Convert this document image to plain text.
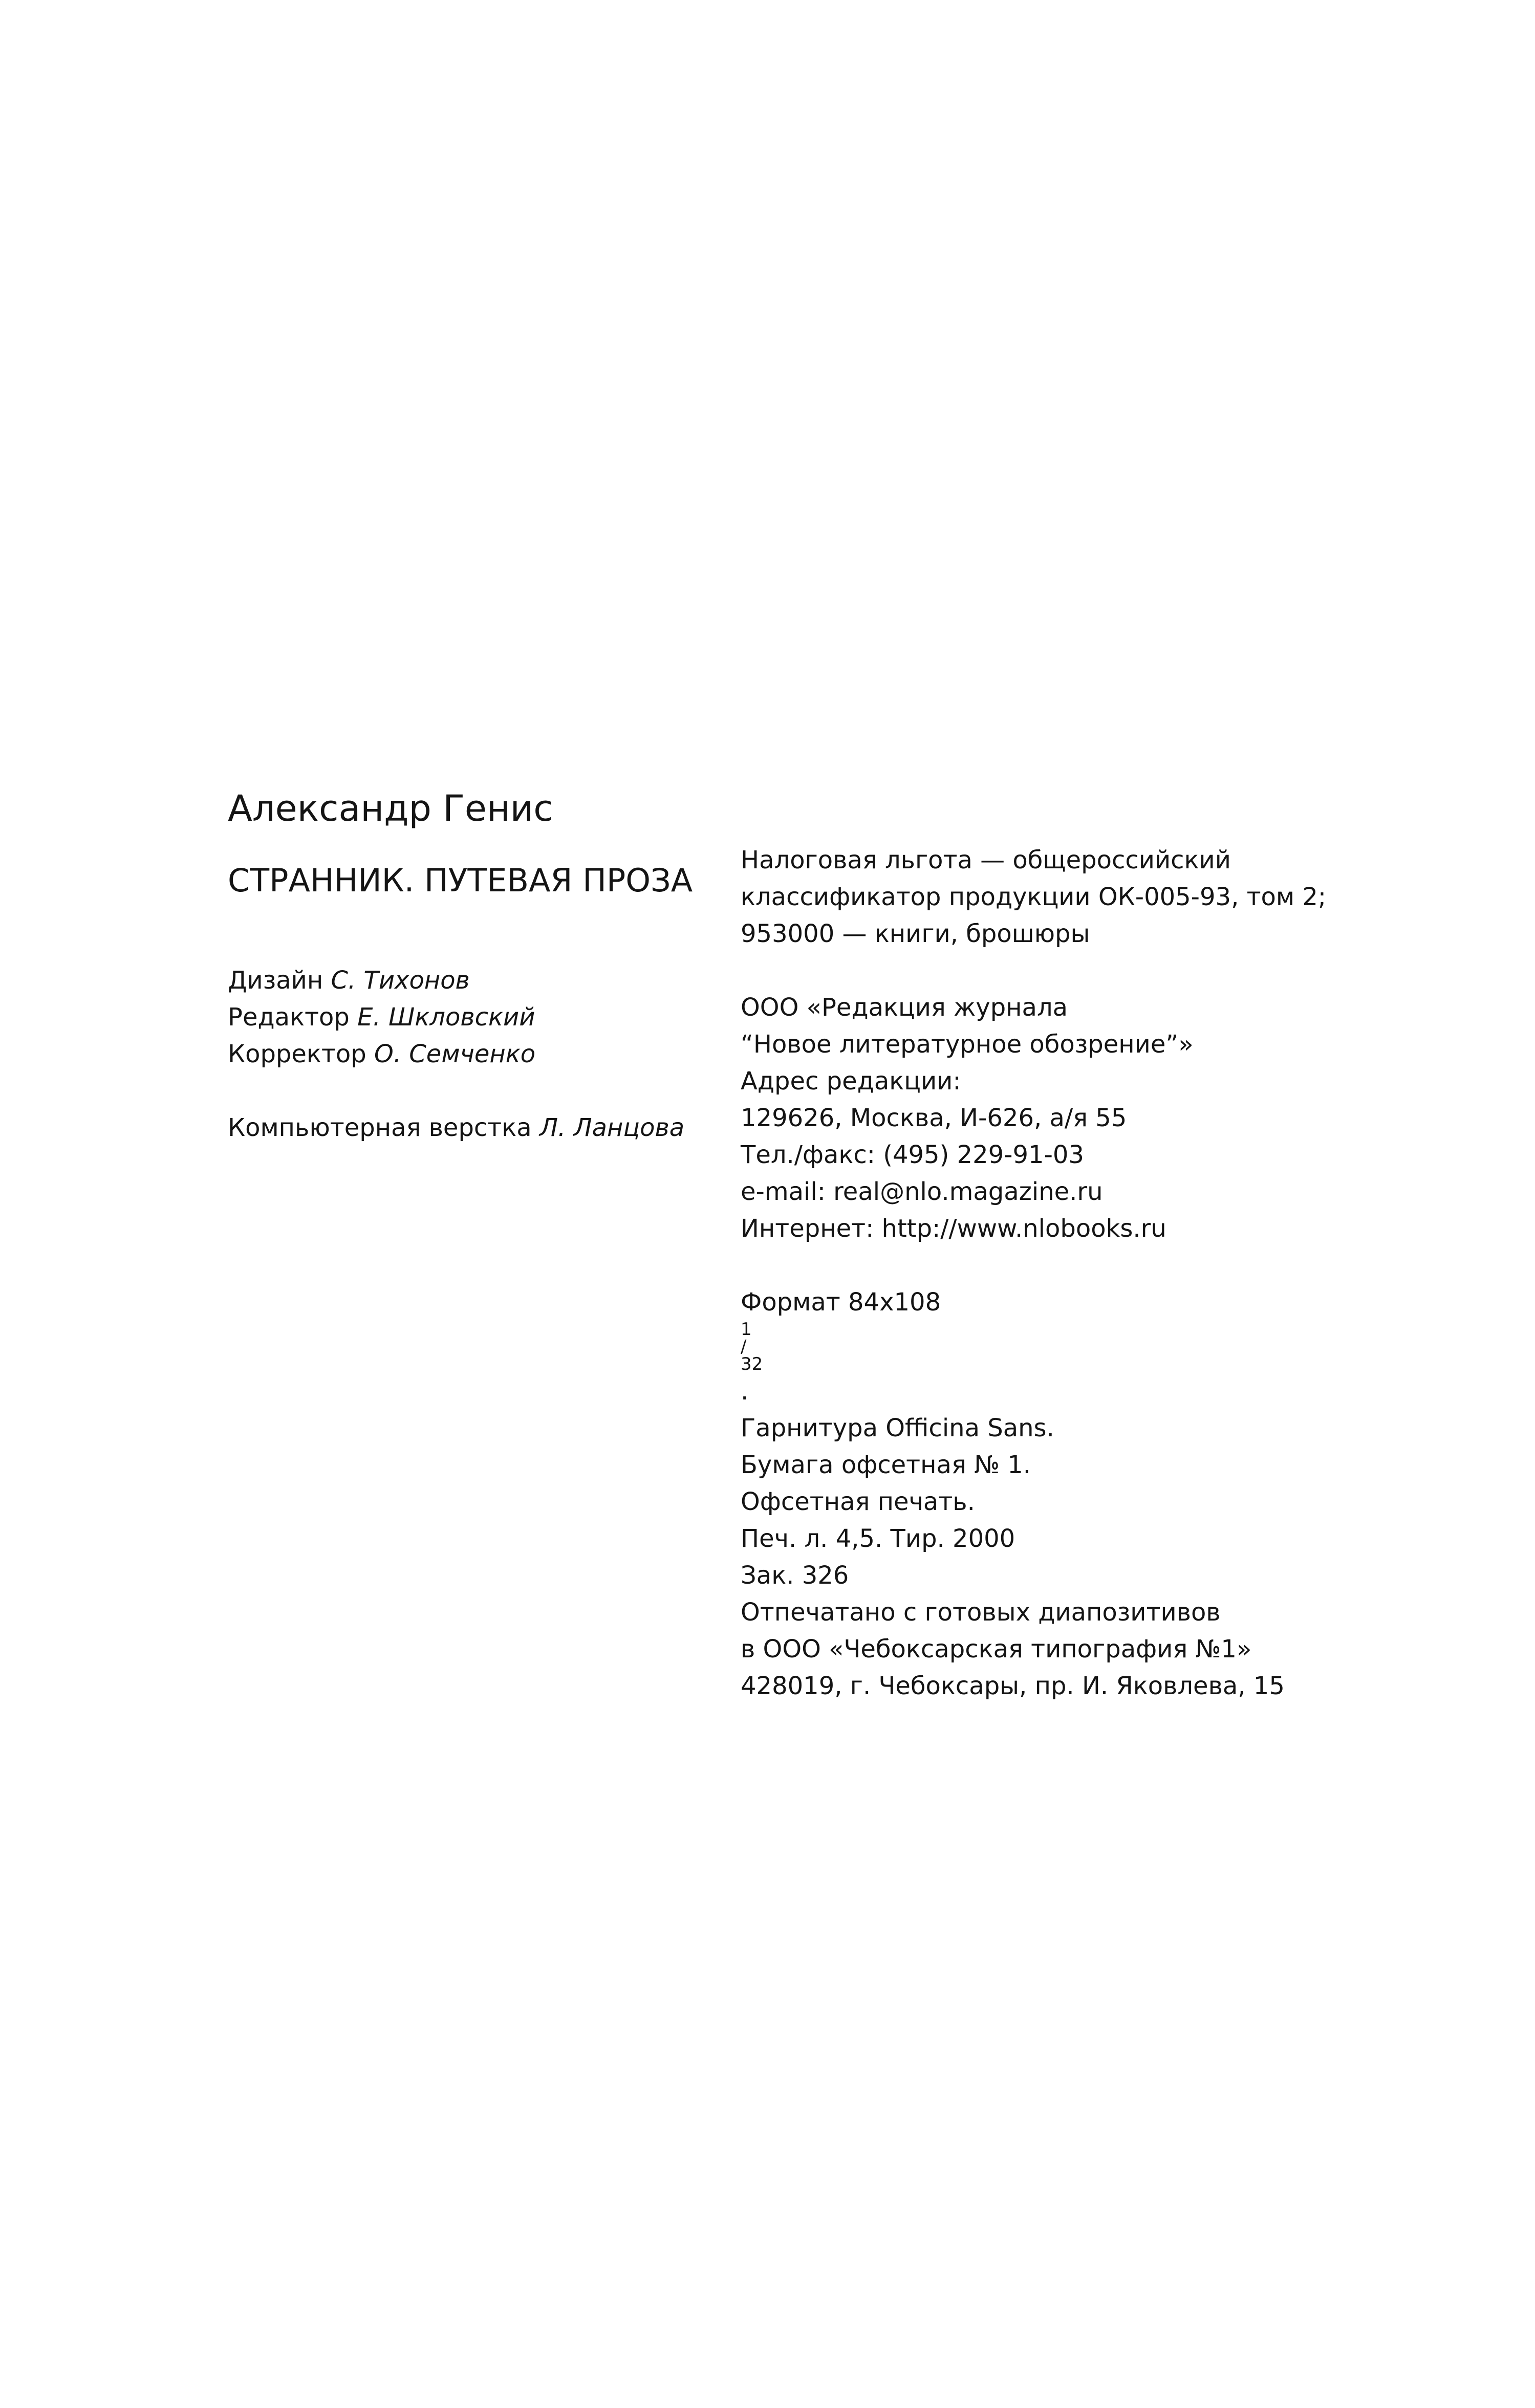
Александр Генис
СТРАННИК. ПУТЕВАЯ ПРОЗА
Дизайн С. Тихонов
Редактор Е. Шкловский
Корректор О. Семченко
Компьютерная верстка Л. Ланцова

Налоговая льгота — общероссийский
классификатор продукции ОК-005-93, том 2;
953000 — книги, брошюры

ООО «Редакция журнала
“Новое литературное обозрение”»
Адрес редакции:
129626, Москва, И-626, а/я 55
Тел./факс: (495) 229-91-03
e-mail: real@nlo.magazine.ru
Интернет: http://www.nlobooks.ru

Формат 84х108
1
/
32
.
Гарнитура Officina Sans.
Бумага офсетная № 1.
Офсетная печать.
Печ. л. 4,5. Тир. 2000
Зак. 326
Отпечатано с готовых диапозитивов
в ООО «Чебоксарская типография №1»
428019, г. Чебоксары, пр. И. Яковлева, 15
